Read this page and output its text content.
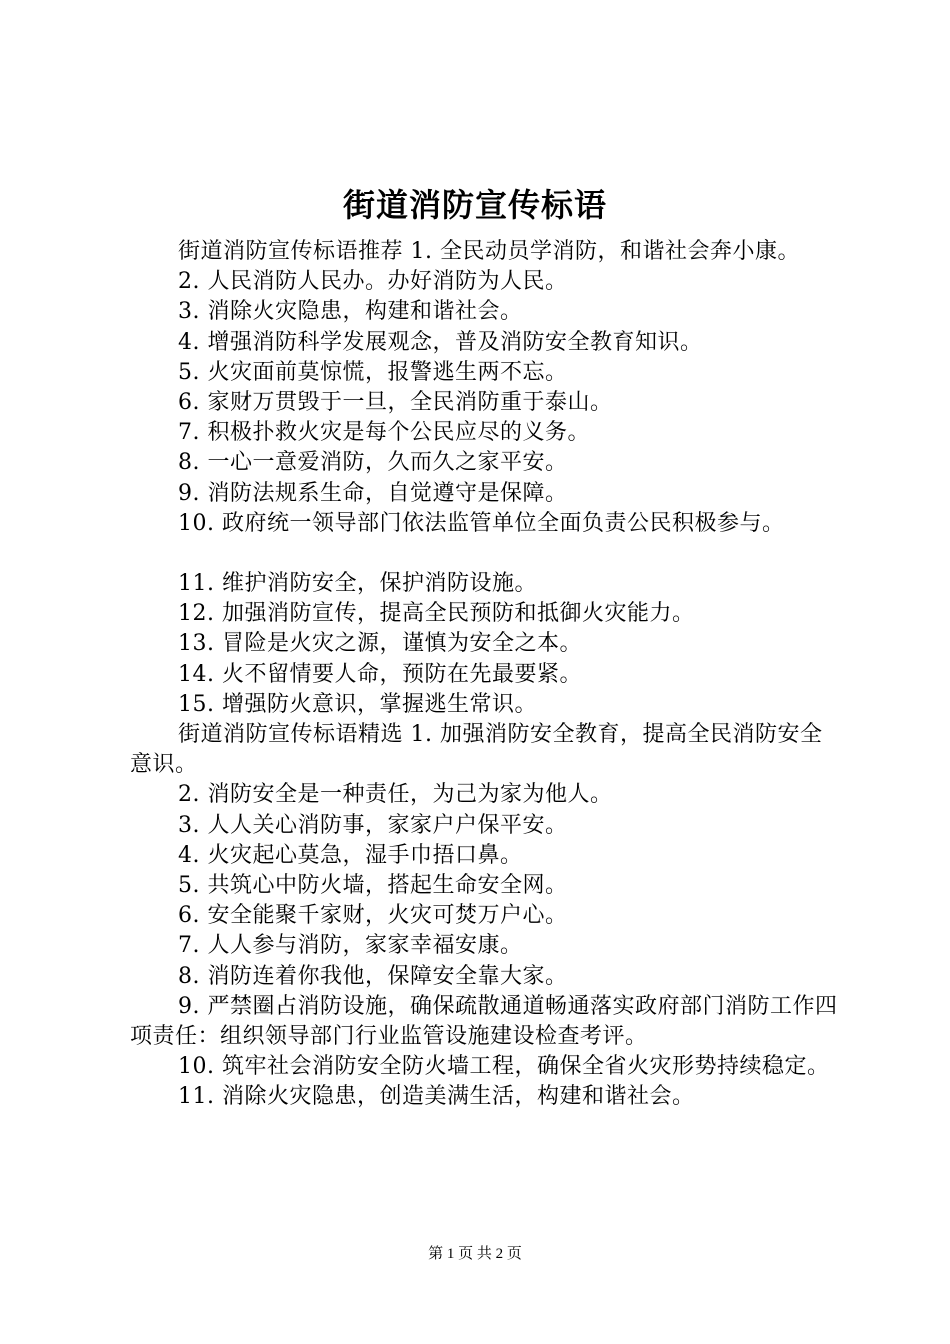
街道消防宣传标语

街道消防宣传标语推荐 1. 全民动员学消防，和谐社会奔小康。

2. 人民消防人民办。办好消防为人民。

3. 消除火灾隐患，构建和谐社会。

4. 增强消防科学发展观念，普及消防安全教育知识。

5. 火灾面前莫惊慌，报警逃生两不忘。

6. 家财万贯毁于一旦，全民消防重于泰山。

7. 积极扑救火灾是每个公民应尽的义务。

8. 一心一意爱消防，久而久之家平安。

9. 消防法规系生命，自觉遵守是保障。

10. 政府统一领导部门依法监管单位全面负责公民积极参与。

11. 维护消防安全，保护消防设施。

12. 加强消防宣传，提高全民预防和抵御火灾能力。

13. 冒险是火灾之源，谨慎为安全之本。

14. 火不留情要人命，预防在先最要紧。

15. 增强防火意识，掌握逃生常识。

街道消防宣传标语精选 1. 加强消防安全教育，提高全民消防安全意识。

2. 消防安全是一种责任，为己为家为他人。

3. 人人关心消防事，家家户户保平安。

4. 火灾起心莫急，湿手巾捂口鼻。

5. 共筑心中防火墙，搭起生命安全网。

6. 安全能聚千家财，火灾可焚万户心。

7. 人人参与消防，家家幸福安康。

8. 消防连着你我他，保障安全靠大家。

9. 严禁圈占消防设施，确保疏散通道畅通落实政府部门消防工作四项责任：组织领导部门行业监管设施建设检查考评。

10. 筑牢社会消防安全防火墙工程，确保全省火灾形势持续稳定。

11. 消除火灾隐患，创造美满生活，构建和谐社会。

第 1 页 共 2 页
